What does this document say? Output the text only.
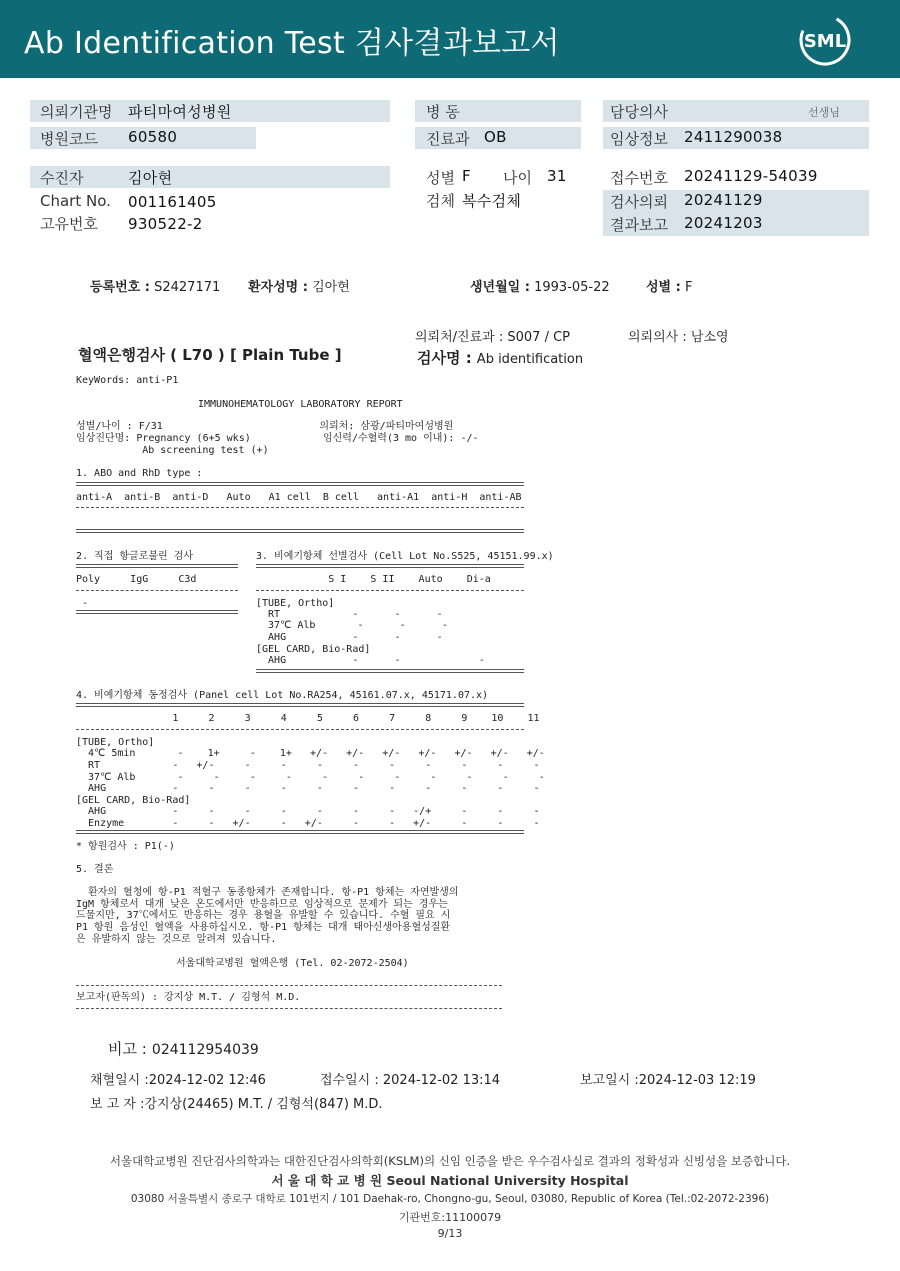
Ab Identification Test 검사결과보고서	SML
의뢰기관명 파티마여성병원
병원코드 60580
수진자	김아현
Chart No. 001161405
고유번호 930522-2
병 동
진료과 OB
성별 F 나이 31
검체 복수검체
담당의사	선생님
임상정보 2411290038
접수번호 20241129-54039
검사의뢰 20241129
결과보고 20241203
등록번호 : S2427171 환자성명 : 김아현	생년월일 : 1993-05-22	성별 : F
의뢰처/진료과 : S007 / CP	의뢰의사 : 남소영
혈액은행검사 ( L70 ) [ Plain Tube ]	검사명 : Ab identification
KeyWords: anti-P1
IMMUNOHEMATOLOGY LABORATORY REPORT
성별/나이 : F/31                          의뢰처: 삼광/파티마여성병원
임상진단명: Pregnancy (6+5 wks)            임신력/수혈력(3 mo 이내): -/-
Ab screening test (+)
1. ABO and RhD type :
anti-A  anti-B  anti-D   Auto   A1 cell  B cell   anti-A1  anti-H  anti-AB
2. 직접 항글로불린 검사	3. 비예기항체 선별검사 (Cell Lot No.S525, 45151.99.x)
Poly     IgG     C3d	S I    S II    Auto    Di-a
-	[TUBE, Ortho]
RT            -      -      -
37℃ Alb       -      -      -
AHG           -      -      -
[GEL CARD, Bio-Rad]
AHG           -      -             -
4. 비예기항체 동정검사 (Panel cell Lot No.RA254, 45161.07.x, 45171.07.x)
1     2     3     4     5     6     7     8     9    10    11
[TUBE, Ortho]
4℃ 5min       -    1+     -    1+   +/-   +/-   +/-   +/-   +/-   +/-   +/-
RT            -   +/-     -     -     -     -     -     -     -     -     -
37℃ Alb       -     -     -     -     -     -     -     -     -     -     -
AHG           -     -     -     -     -     -     -     -     -     -     -
[GEL CARD, Bio-Rad]
AHG           -     -     -     -     -     -     -   -/+     -     -     -
Enzyme        -     -   +/-     -   +/-     -     -   +/-     -     -     -
* 항원검사 : P1(-)
5. 결론
환자의 혈청에 항-P1 적혈구 동종항체가 존재합니다. 항-P1 항체는 자연발생의
IgM 항체로서 대개 낮은 온도에서만 반응하므로 임상적으로 문제가 되는 경우는
드물지만, 37℃에서도 반응하는 경우 용혈을 유발할 수 있습니다. 수혈 필요 시
P1 항원 음성인 혈액을 사용하십시오. 항-P1 항체는 대개 태아신생아용혈성질환
은 유발하지 않는 것으로 알려져 있습니다.
서울대학교병원 혈액은행 (Tel. 02-2072-2504)
보고자(판독의) : 강지상 M.T. / 김형석 M.D.
비고 : 024112954039
채혈일시 :2024-12-02 12:46	접수일시 : 2024-12-02 13:14	보고일시 :2024-12-03 12:19
보 고 자 :강지상(24465) M.T. / 김형석(847) M.D.
서울대학교병원 진단검사의학과는 대한진단검사의학회(KSLM)의 신임 인증을 받은 우수검사실로 결과의 정확성과 신빙성을 보증합니다.
서 울 대 학 교 병 원 Seoul National University Hospital
03080 서울특별시 종로구 대학로 101번지 / 101 Daehak-ro, Chongno-gu, Seoul, 03080, Republic of Korea (Tel.:02-2072-2396)
기관번호:11100079
9/13
